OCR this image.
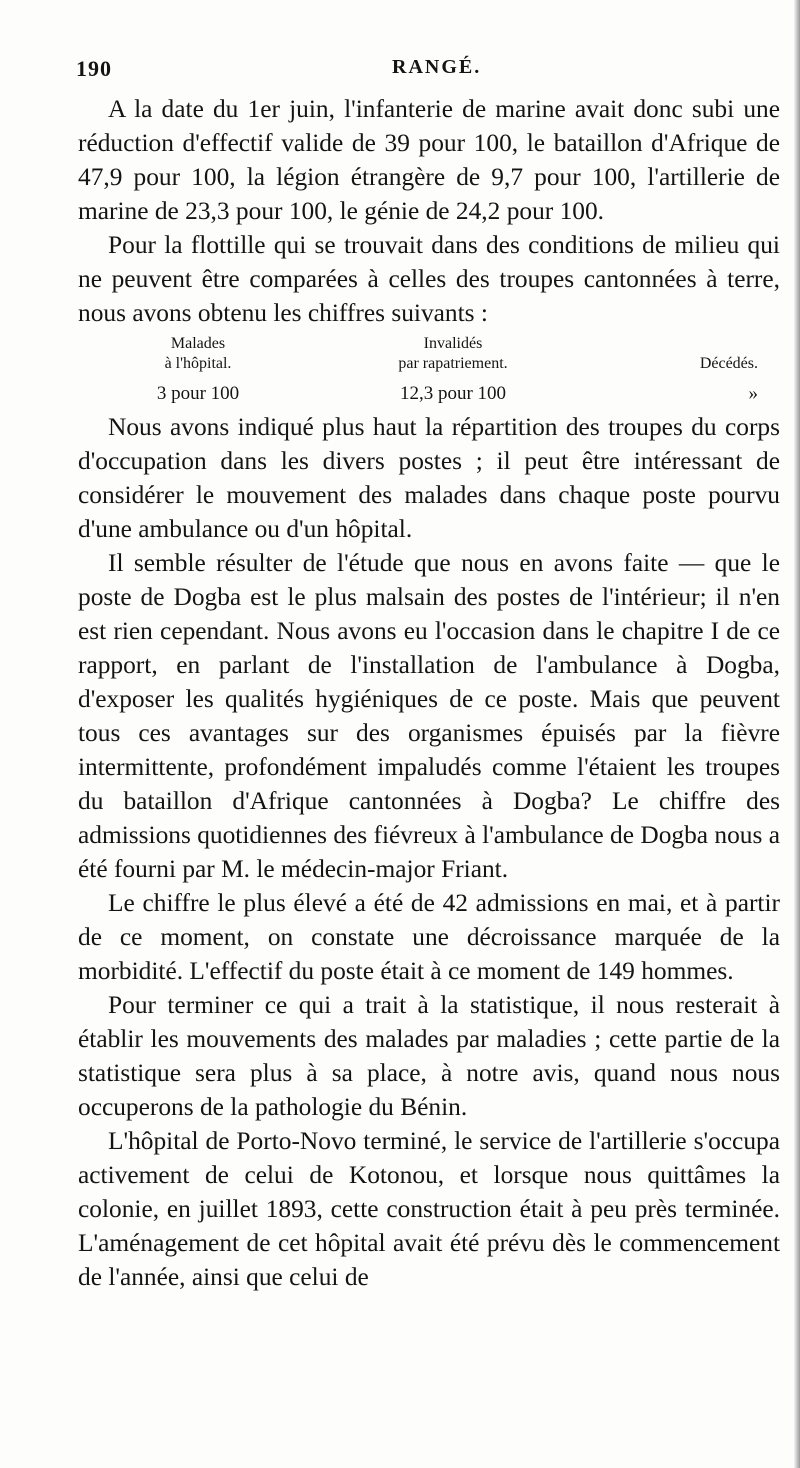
190	RANGÉ.

A la date du 1er juin, l'infanterie de marine avait donc subi une réduction d'effectif valide de 39 pour 100, le bataillon d'Afrique de 47,9 pour 100, la légion étrangère de 9,7 pour 100, l'artillerie de marine de 23,3 pour 100, le génie de 24,2 pour 100.

Pour la flottille qui se trouvait dans des conditions de milieu qui ne peuvent être comparées à celles des troupes cantonnées à terre, nous avons obtenu les chiffres suivants :

Malades
à l'hôpital.
3 pour 100
Invalidés
par rapatriement.
12,3 pour 100
Décédés.
»

Nous avons indiqué plus haut la répartition des troupes du corps d'occupation dans les divers postes ; il peut être intéressant de considérer le mouvement des malades dans chaque poste pourvu d'une ambulance ou d'un hôpital.

Il semble résulter de l'étude que nous en avons faite — que le poste de Dogba est le plus malsain des postes de l'intérieur; il n'en est rien cependant. Nous avons eu l'occasion dans le chapitre I de ce rapport, en parlant de l'installation de l'ambulance à Dogba, d'exposer les qualités hygiéniques de ce poste. Mais que peuvent tous ces avantages sur des organismes épuisés par la fièvre intermittente, profondément impaludés comme l'étaient les troupes du bataillon d'Afrique cantonnées à Dogba? Le chiffre des admissions quotidiennes des fiévreux à l'ambulance de Dogba nous a été fourni par M. le médecin-major Friant.

Le chiffre le plus élevé a été de 42 admissions en mai, et à partir de ce moment, on constate une décroissance marquée de la morbidité. L'effectif du poste était à ce moment de 149 hommes.

Pour terminer ce qui a trait à la statistique, il nous resterait à établir les mouvements des malades par maladies ; cette partie de la statistique sera plus à sa place, à notre avis, quand nous nous occuperons de la pathologie du Bénin.

L'hôpital de Porto-Novo terminé, le service de l'artillerie s'occupa activement de celui de Kotonou, et lorsque nous quittâmes la colonie, en juillet 1893, cette construction était à peu près terminée. L'aménagement de cet hôpital avait été prévu dès le commencement de l'année, ainsi que celui de
